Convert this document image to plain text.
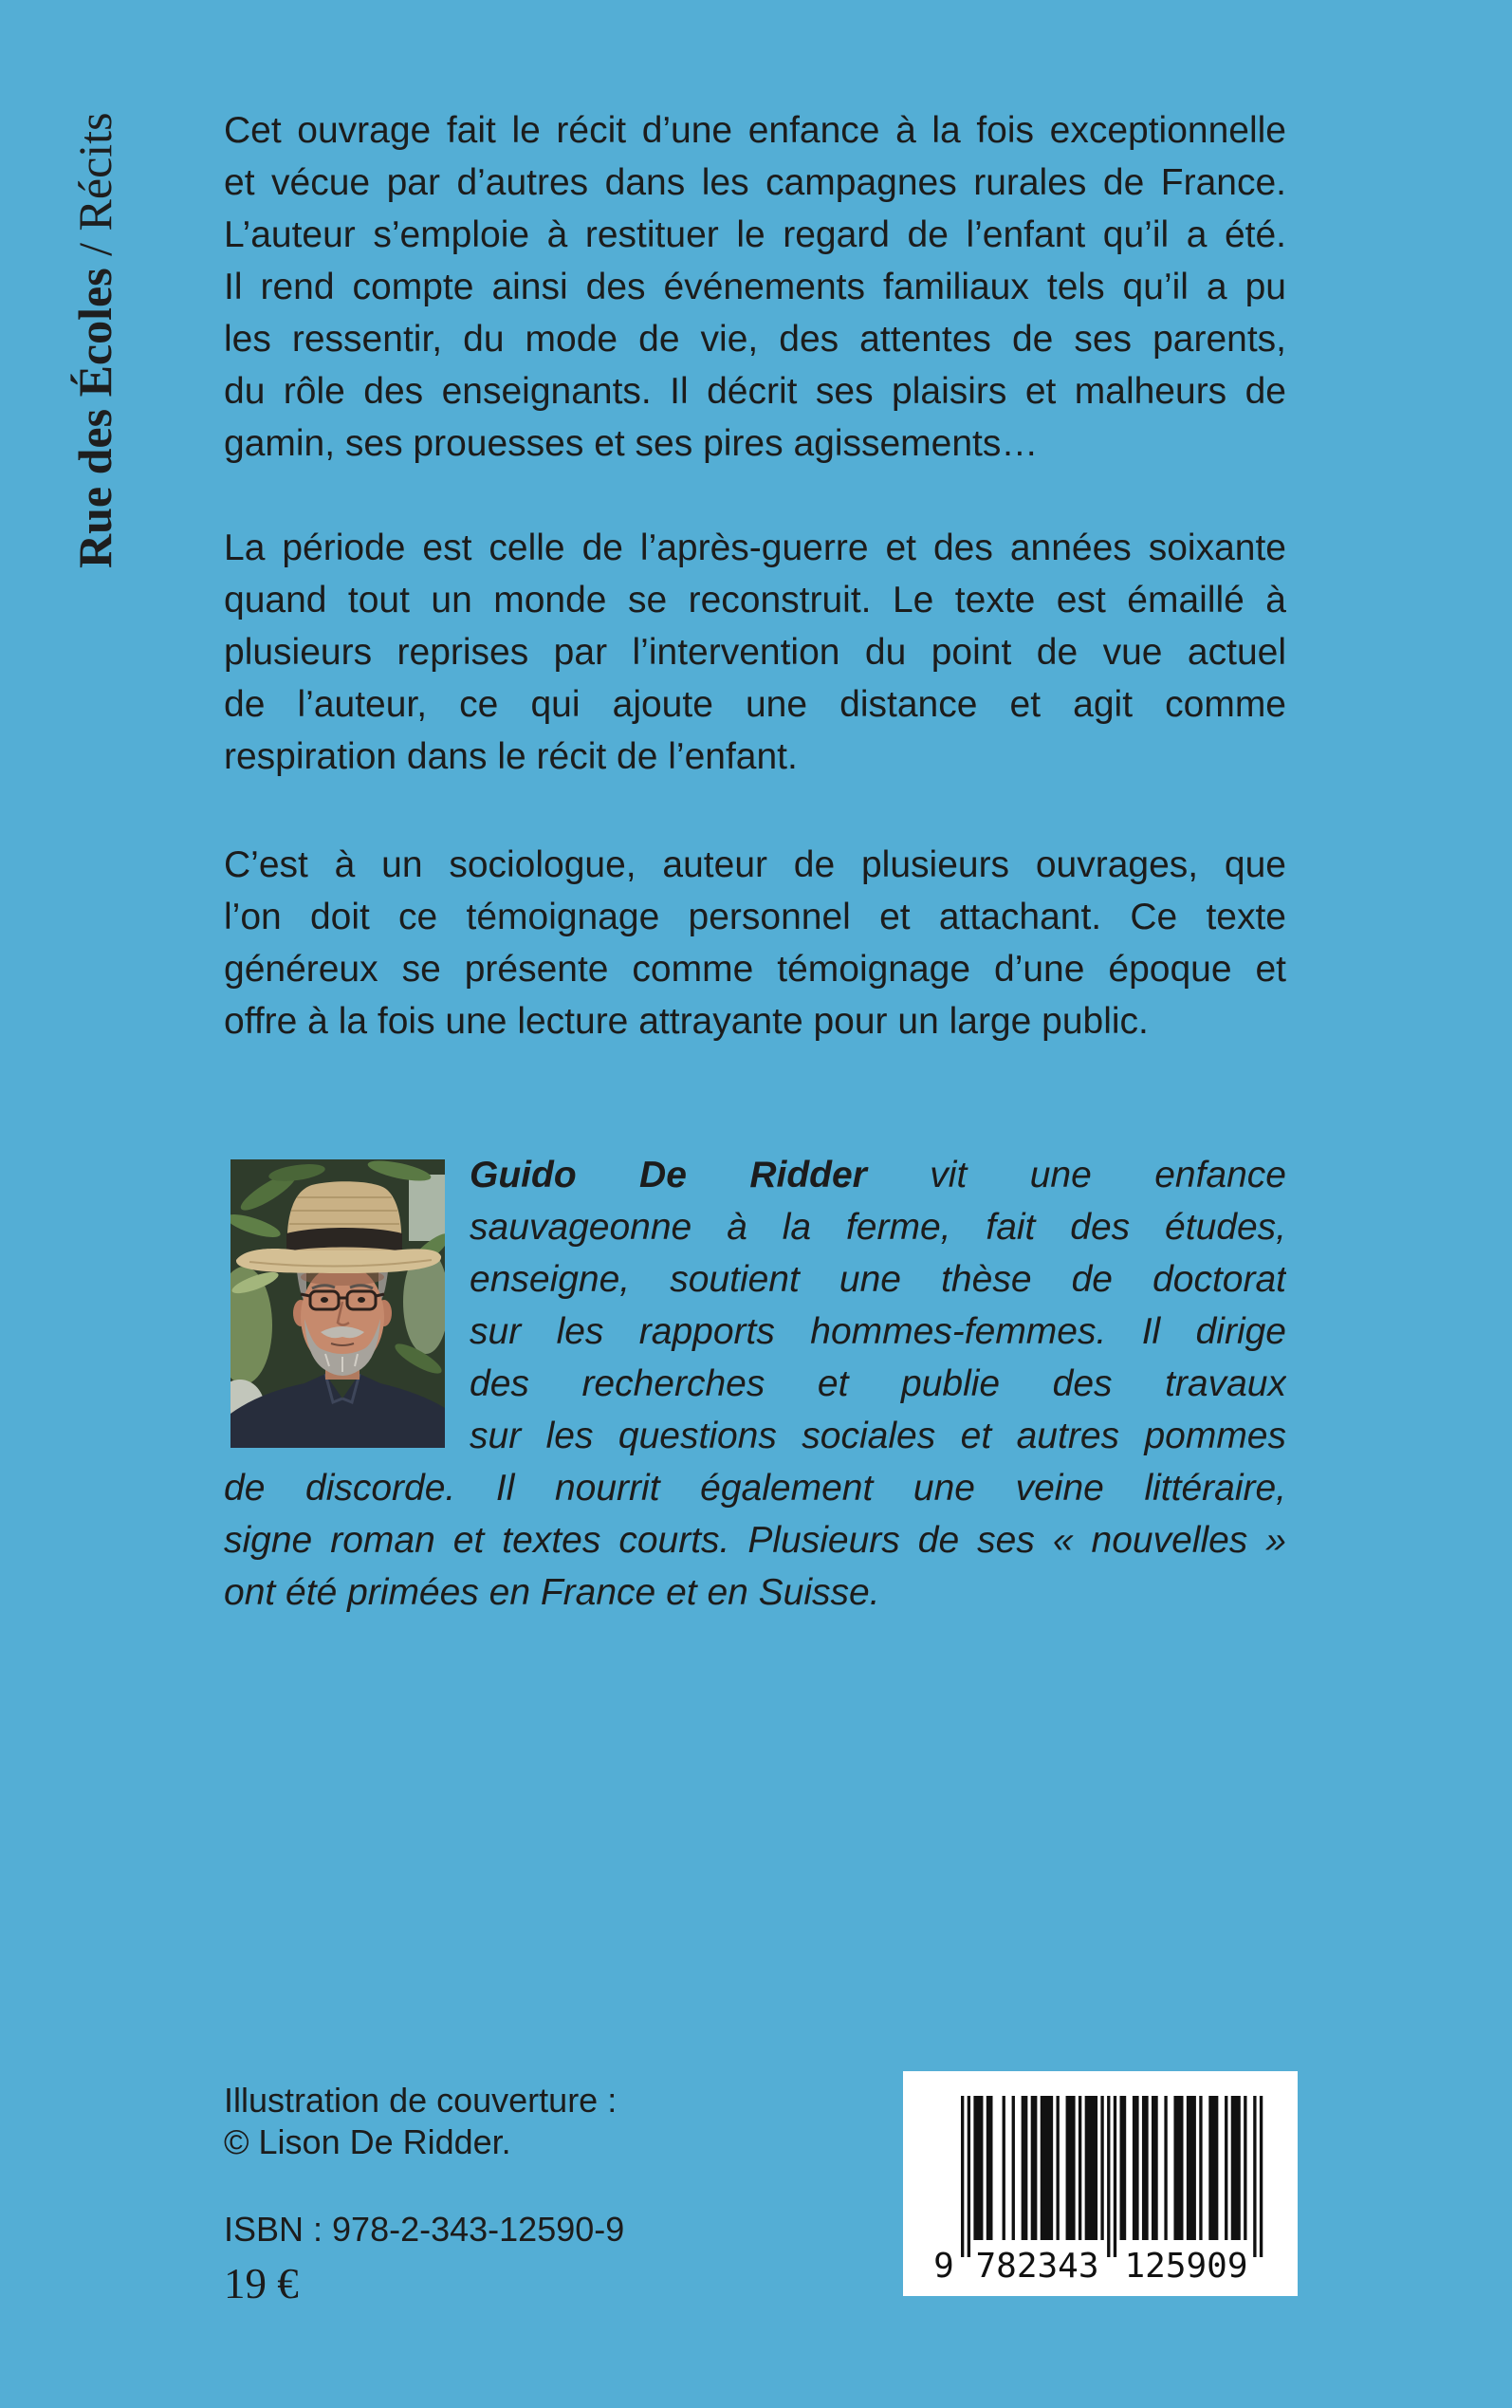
Rue des Écoles / Récits	Cet ouvrage fait le récit d’une enfance à la fois exceptionnelle
et vécue par d’autres dans les campagnes rurales de France.
L’auteur s’emploie à restituer le regard de l’enfant qu’il a été.
Il rend compte ainsi des événements familiaux tels qu’il a pu
les ressentir, du mode de vie, des attentes de ses parents,
du rôle des enseignants. Il décrit ses plaisirs et malheurs de
gamin, ses prouesses et ses pires agissements…
La période est celle de l’après-guerre et des années soixante
quand tout un monde se reconstruit. Le texte est émaillé à
plusieurs reprises par l’intervention du point de vue actuel
de l’auteur, ce qui ajoute une distance et agit comme
respiration dans le récit de l’enfant.
C’est à un sociologue, auteur de plusieurs ouvrages, que
l’on doit ce témoignage personnel et attachant. Ce texte
généreux se présente comme témoignage d’une époque et
offre à la fois une lecture attrayante pour un large public.
Guido De Ridder vit une enfance
sauvageonne à la ferme, fait des études,
enseigne, soutient une thèse de doctorat
sur les rapports hommes-femmes. Il dirige
des recherches et publie des travaux
sur les questions sociales et autres pommes
de discorde. Il nourrit également une veine littéraire,
signe roman et textes courts. Plusieurs de ses « nouvelles »
ont été primées en France et en Suisse.
Illustration de couverture :
© Lison De Ridder.
ISBN : 978-2-343-12590-9
19 €	9 782343 125909
